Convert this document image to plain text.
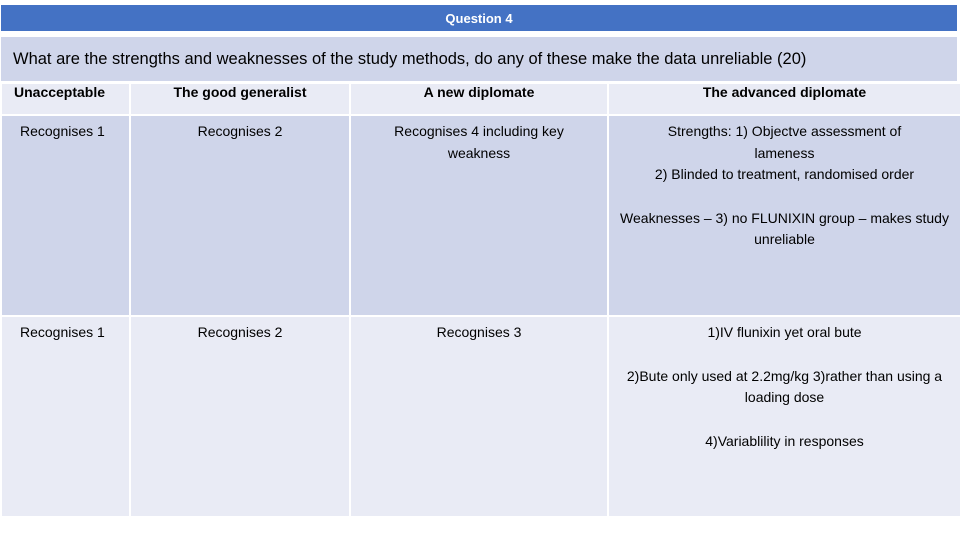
Question 4
What are the strengths and weaknesses of the study methods, do any of these make the data unreliable (20)
Unacceptable	The good generalist	A new diplomate	The advanced diplomate

Recognises 1	Recognises 2	Recognises 4 including key weakness	Strengths: 1) Objectve assessment of lameness
2) Blinded to treatment, randomised order
Weaknesses – 3) no FLUNIXIN group – makes study unreliable

Recognises 1	Recognises 2	Recognises 3	1)IV flunixin yet oral bute
2)Bute only used at 2.2mg/kg 3)rather than using a loading dose
4)Variablility in responses
